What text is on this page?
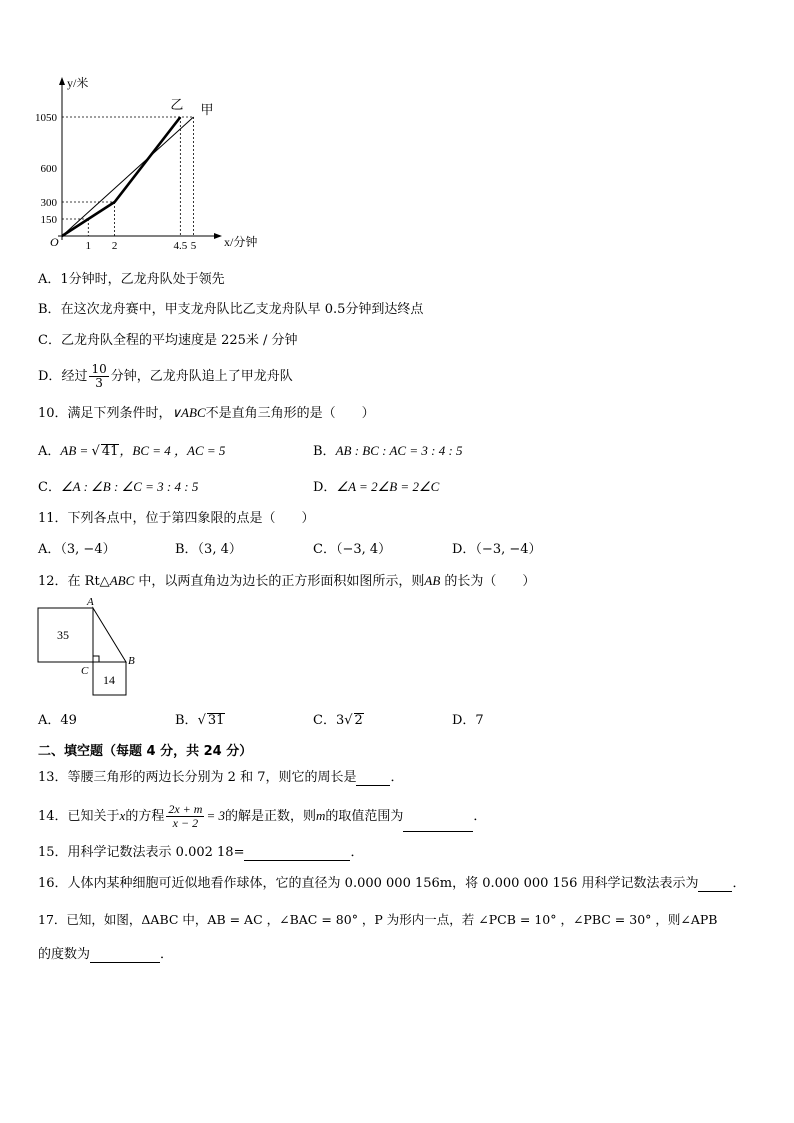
y/米
x/分钟
O 1 2	4.5 5
1050
600
300
150
甲
乙
A．1分钟时，乙龙舟队处于领先
B．在这次龙舟赛中，甲支龙舟队比乙支龙舟队早 0.5分钟到达终点
C．乙龙舟队全程的平均速度是 225米 / 分钟
D．经过 $\frac{10}{3}$ 分钟，乙龙舟队追上了甲龙舟队
10．满足下列条件时，∨ABC不是直角三角形的是（　　）
A．AB = √ 41，BC = 4 ，AC = 5	B．AB : BC : AC = 3 : 4 : 5
C．∠A : ∠B : ∠C = 3 : 4 : 5	D．∠A = 2∠B = 2∠C
11．下列各点中，位于第四象限的点是（　　）
A．（3, −4）	B．（3, 4）	C．（−3, 4）	D．（−3, −4）
12．在 Rt△ABC 中，以两直角边为边长的正方形面积如图所示，则AB 的长为（　　）
35
14
A
B
C
A．49	B．√ 31	C．3√ 2	D．7
二、填空题（每题 4 分，共 24 分）
13．等腰三角形的两边长分别为 2 和 7，则它的周长是	．
14．已知关于x的方程 $\frac{2x + m}{x - 2} = 3$的解是正数，则m的取值范围为	．
15．用科学记数法表示 0.002 18=	．
16．人体内某种细胞可近似地看作球体，它的直径为 0.000 000 156m，将 0.000 000 156 用科学记数法表示为	．
17．已知，如图，ΔABC 中，AB = AC ，∠BAC = 80° ，P 为形内一点，若 ∠PCB = 10° ，∠PBC = 30° ，则∠APB
的度数为	．
